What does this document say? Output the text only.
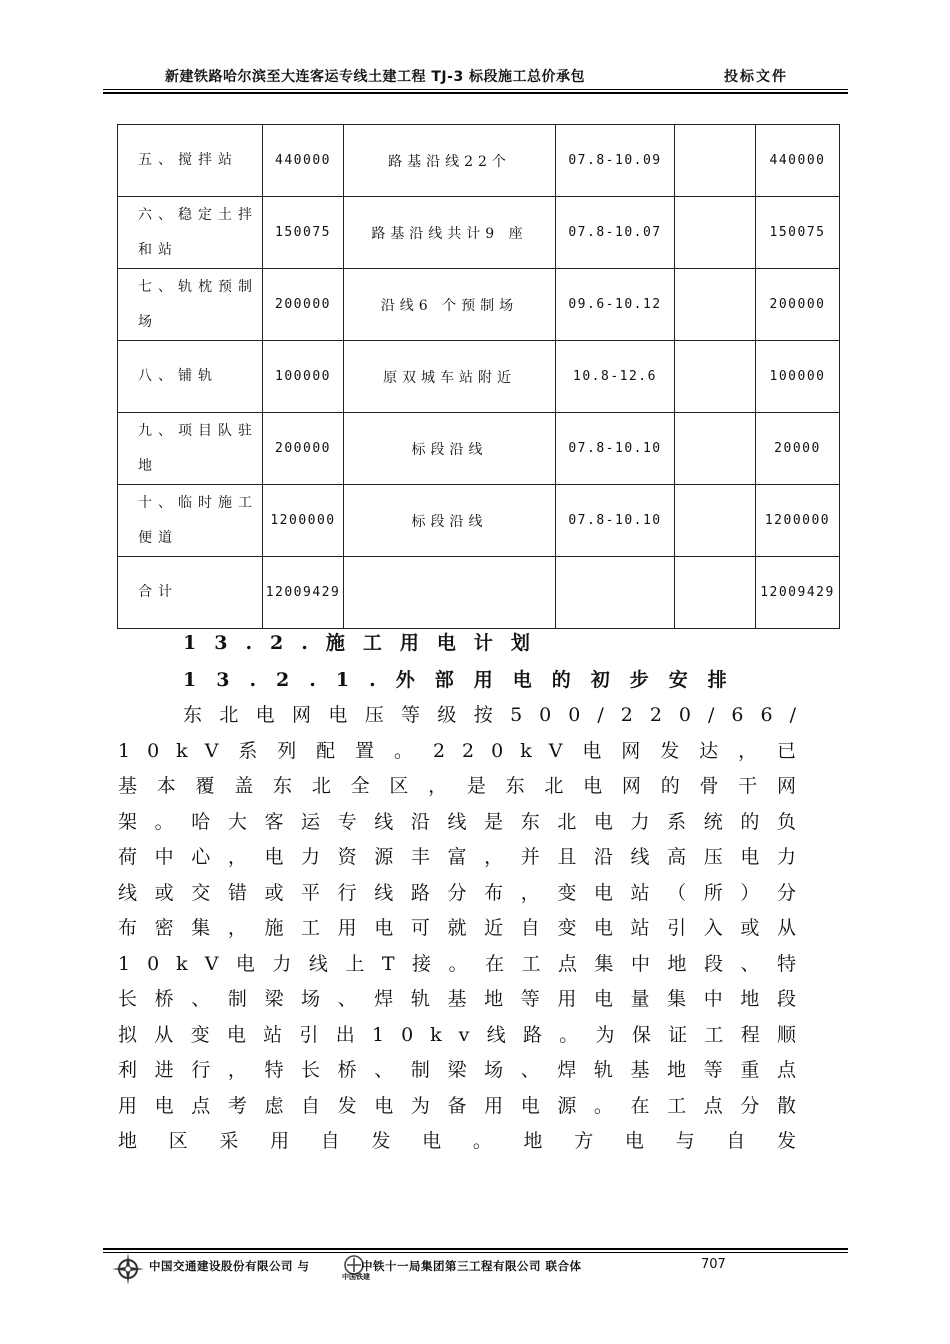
新建铁路哈尔滨至大连客运专线土建工程 TJ-3 标段施工总价承包	投标文件
五、搅拌站	440000	路基沿线22个	07.8-10.09		440000
六、稳定土拌和站	150075	路基沿线共计9 座	07.8-10.07		150075
七、轨枕预制场	200000	沿线6 个预制场	09.6-10.12		200000
八、铺轨	100000	原双城车站附近	10.8-12.6		100000
九、项目队驻地	200000	标段沿线	07.8-10.10		20000
十、临时施工便道	1200000	标段沿线	07.8-10.10		1200000
合计	12009429				12009429
13.2.施工用电计划
13.2.1.外部用电的初步安排
东北电网电压等级按500/220/66/10kV系列配置。220kV电网发达，已基本覆盖东北全区，是东北电网的骨干网架。哈大客运专线沿线是东北电力系统的负荷中心，电力资源丰富，并且沿线高压电力线或交错或平行线路分布，变电站（所）分布密集，施工用电可就近自变电站引入或从10kV电力线上T接。在工点集中地段、特长桥、制梁场、焊轨基地等用电量集中地段拟从变电站引出10kv线路。为保证工程顺利进行，特长桥、制梁场、焊轨基地等重点用电点考虑自发电为备用电源。在工点分散地区采用自发电。地方电与自发
中国交通建设股份有限公司 与
中国铁建
中铁十一局集团第三工程有限公司 联合体	707
